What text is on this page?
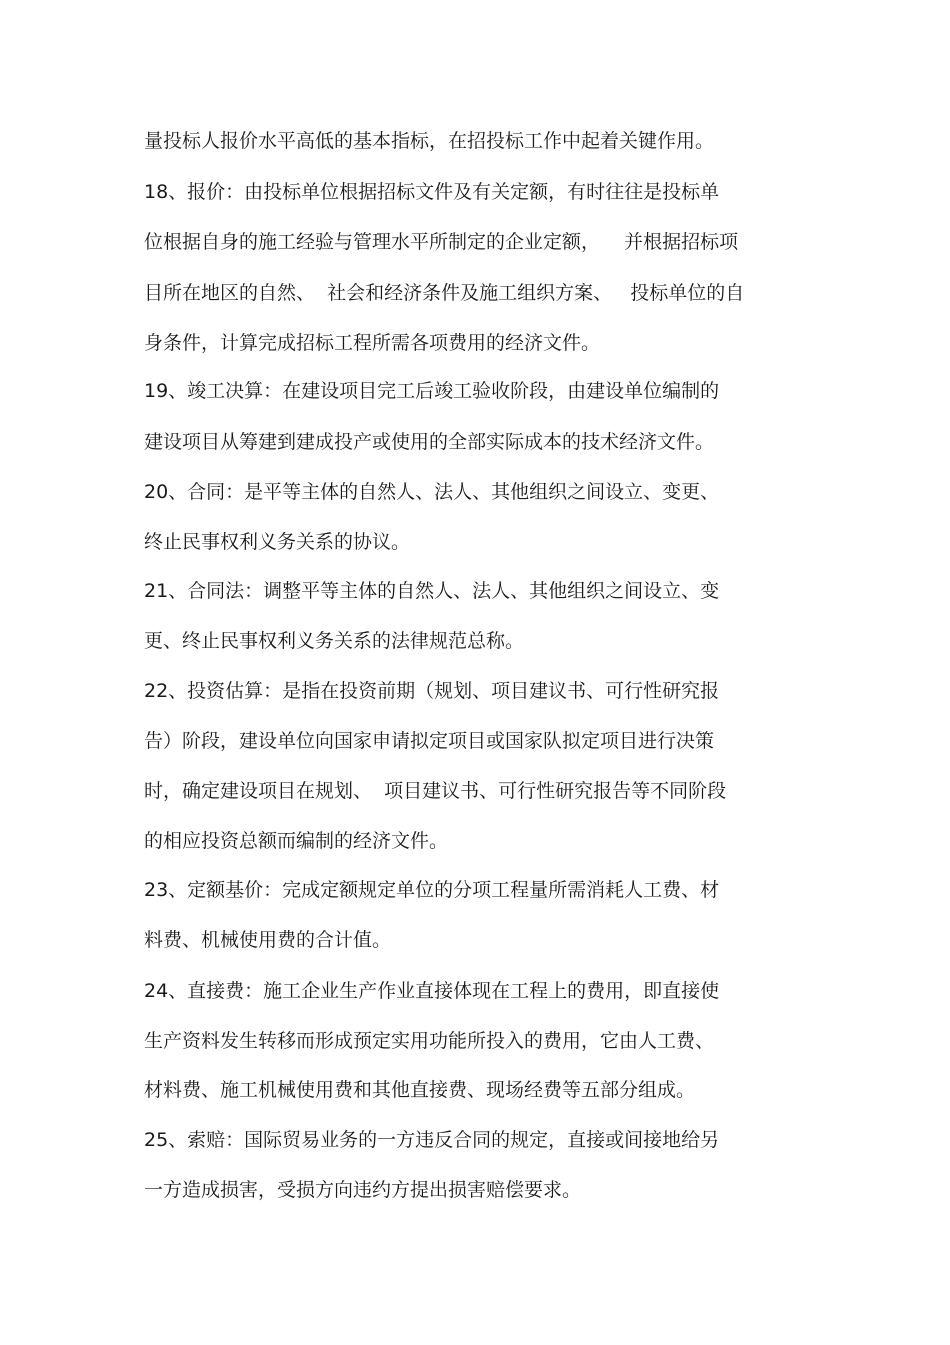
量投标人报价水平高低的基本指标，在招投标工作中起着关键作用。
18、报价：由投标单位根据招标文件及有关定额，有时往往是投标单
位根据自身的施工经验与管理水平所制定的企业定额，    并根据招标项
目所在地区的自然、  社会和经济条件及施工组织方案、   投标单位的自
身条件，计算完成招标工程所需各项费用的经济文件。
19、竣工决算：在建设项目完工后竣工验收阶段，由建设单位编制的
建设项目从筹建到建成投产或使用的全部实际成本的技术经济文件。
20、合同：是平等主体的自然人、法人、其他组织之间设立、变更、
终止民事权利义务关系的协议。
21、合同法：调整平等主体的自然人、法人、其他组织之间设立、变
更、终止民事权利义务关系的法律规范总称。
22、投资估算：是指在投资前期（规划、项目建议书、可行性研究报
告）阶段，建设单位向国家申请拟定项目或国家队拟定项目进行决策
时，确定建设项目在规划、  项目建议书、可行性研究报告等不同阶段
的相应投资总额而编制的经济文件。
23、定额基价：完成定额规定单位的分项工程量所需消耗人工费、材
料费、机械使用费的合计值。
24、直接费：施工企业生产作业直接体现在工程上的费用，即直接使
生产资料发生转移而形成预定实用功能所投入的费用，它由人工费、
材料费、施工机械使用费和其他直接费、现场经费等五部分组成。
25、索赔：国际贸易业务的一方违反合同的规定，直接或间接地给另
一方造成损害，受损方向违约方提出损害赔偿要求。
